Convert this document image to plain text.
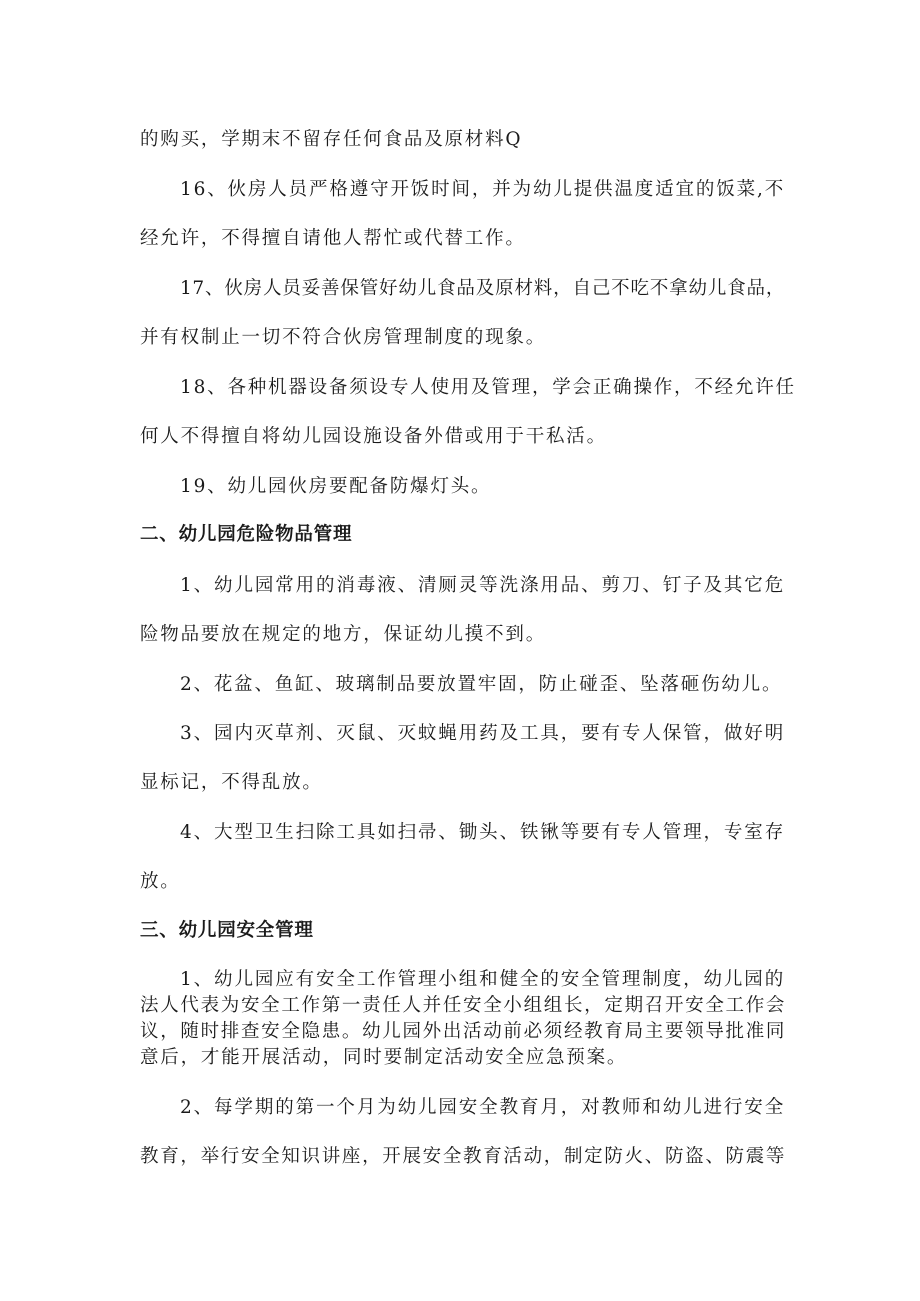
的购买，学期末不留存任何食品及原材料Q

16、伙房人员严格遵守开饭时间，并为幼儿提供温度适宜的饭菜,不

经允许，不得擅自请他人帮忙或代替工作。

17、伙房人员妥善保管好幼儿食品及原材料，自己不吃不拿幼儿食品，

并有权制止一切不符合伙房管理制度的现象。

18、各种机器设备须设专人使用及管理，学会正确操作，不经允许任

何人不得擅自将幼儿园设施设备外借或用于干私活。

19、幼儿园伙房要配备防爆灯头。

二、幼儿园危险物品管理

1、幼儿园常用的消毒液、清厕灵等洗涤用品、剪刀、钉子及其它危

险物品要放在规定的地方，保证幼儿摸不到。

2、花盆、鱼缸、玻璃制品要放置牢固，防止碰歪、坠落砸伤幼儿。

3、园内灭草剂、灭鼠、灭蚊蝇用药及工具，要有专人保管，做好明

显标记，不得乱放。

4、大型卫生扫除工具如扫帚、锄头、铁锹等要有专人管理，专室存

放。

三、幼儿园安全管理

1、幼儿园应有安全工作管理小组和健全的安全管理制度，幼儿园的

法人代表为安全工作第一责任人并任安全小组组长，定期召开安全工作会

议，随时排查安全隐患。幼儿园外出活动前必须经教育局主要领导批准同

意后，才能开展活动，同时要制定活动安全应急预案。

2、每学期的第一个月为幼儿园安全教育月，对教师和幼儿进行安全

教育，举行安全知识讲座，开展安全教育活动，制定防火、防盗、防震等
